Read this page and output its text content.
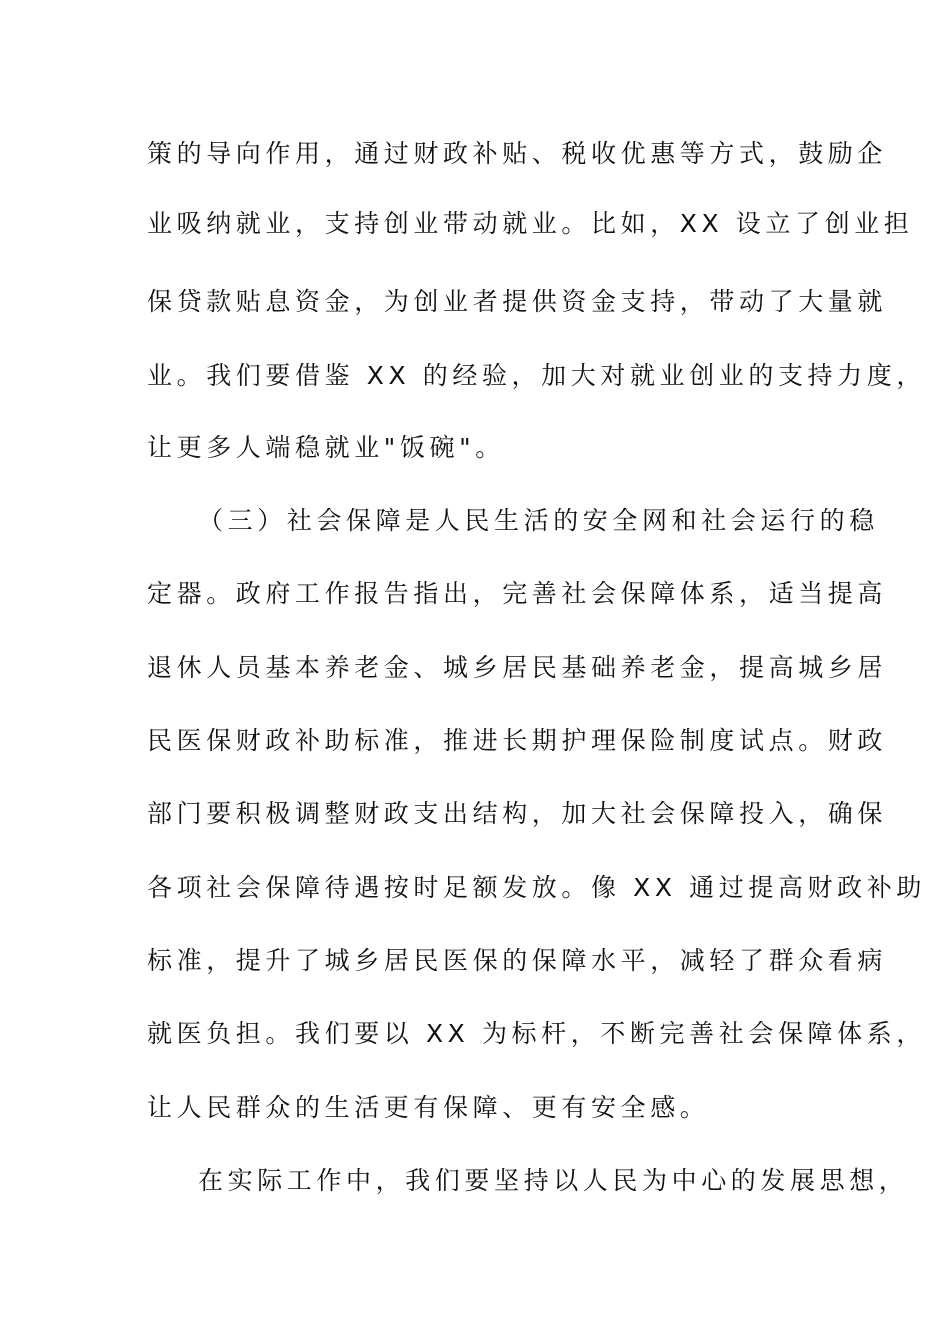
策的导向作用，通过财政补贴、税收优惠等方式，鼓励企
业吸纳就业，支持创业带动就业。比如，XX 设立了创业担
保贷款贴息资金，为创业者提供资金支持，带动了大量就
业。我们要借鉴 XX 的经验，加大对就业创业的支持力度，
让更多人端稳就业"饭碗"。
（三）社会保障是人民生活的安全网和社会运行的稳
定器。政府工作报告指出，完善社会保障体系，适当提高
退休人员基本养老金、城乡居民基础养老金，提高城乡居
民医保财政补助标准，推进长期护理保险制度试点。财政
部门要积极调整财政支出结构，加大社会保障投入，确保
各项社会保障待遇按时足额发放。像 XX 通过提高财政补助
标准，提升了城乡居民医保的保障水平，减轻了群众看病
就医负担。我们要以 XX 为标杆，不断完善社会保障体系，
让人民群众的生活更有保障、更有安全感。
在实际工作中，我们要坚持以人民为中心的发展思想，
